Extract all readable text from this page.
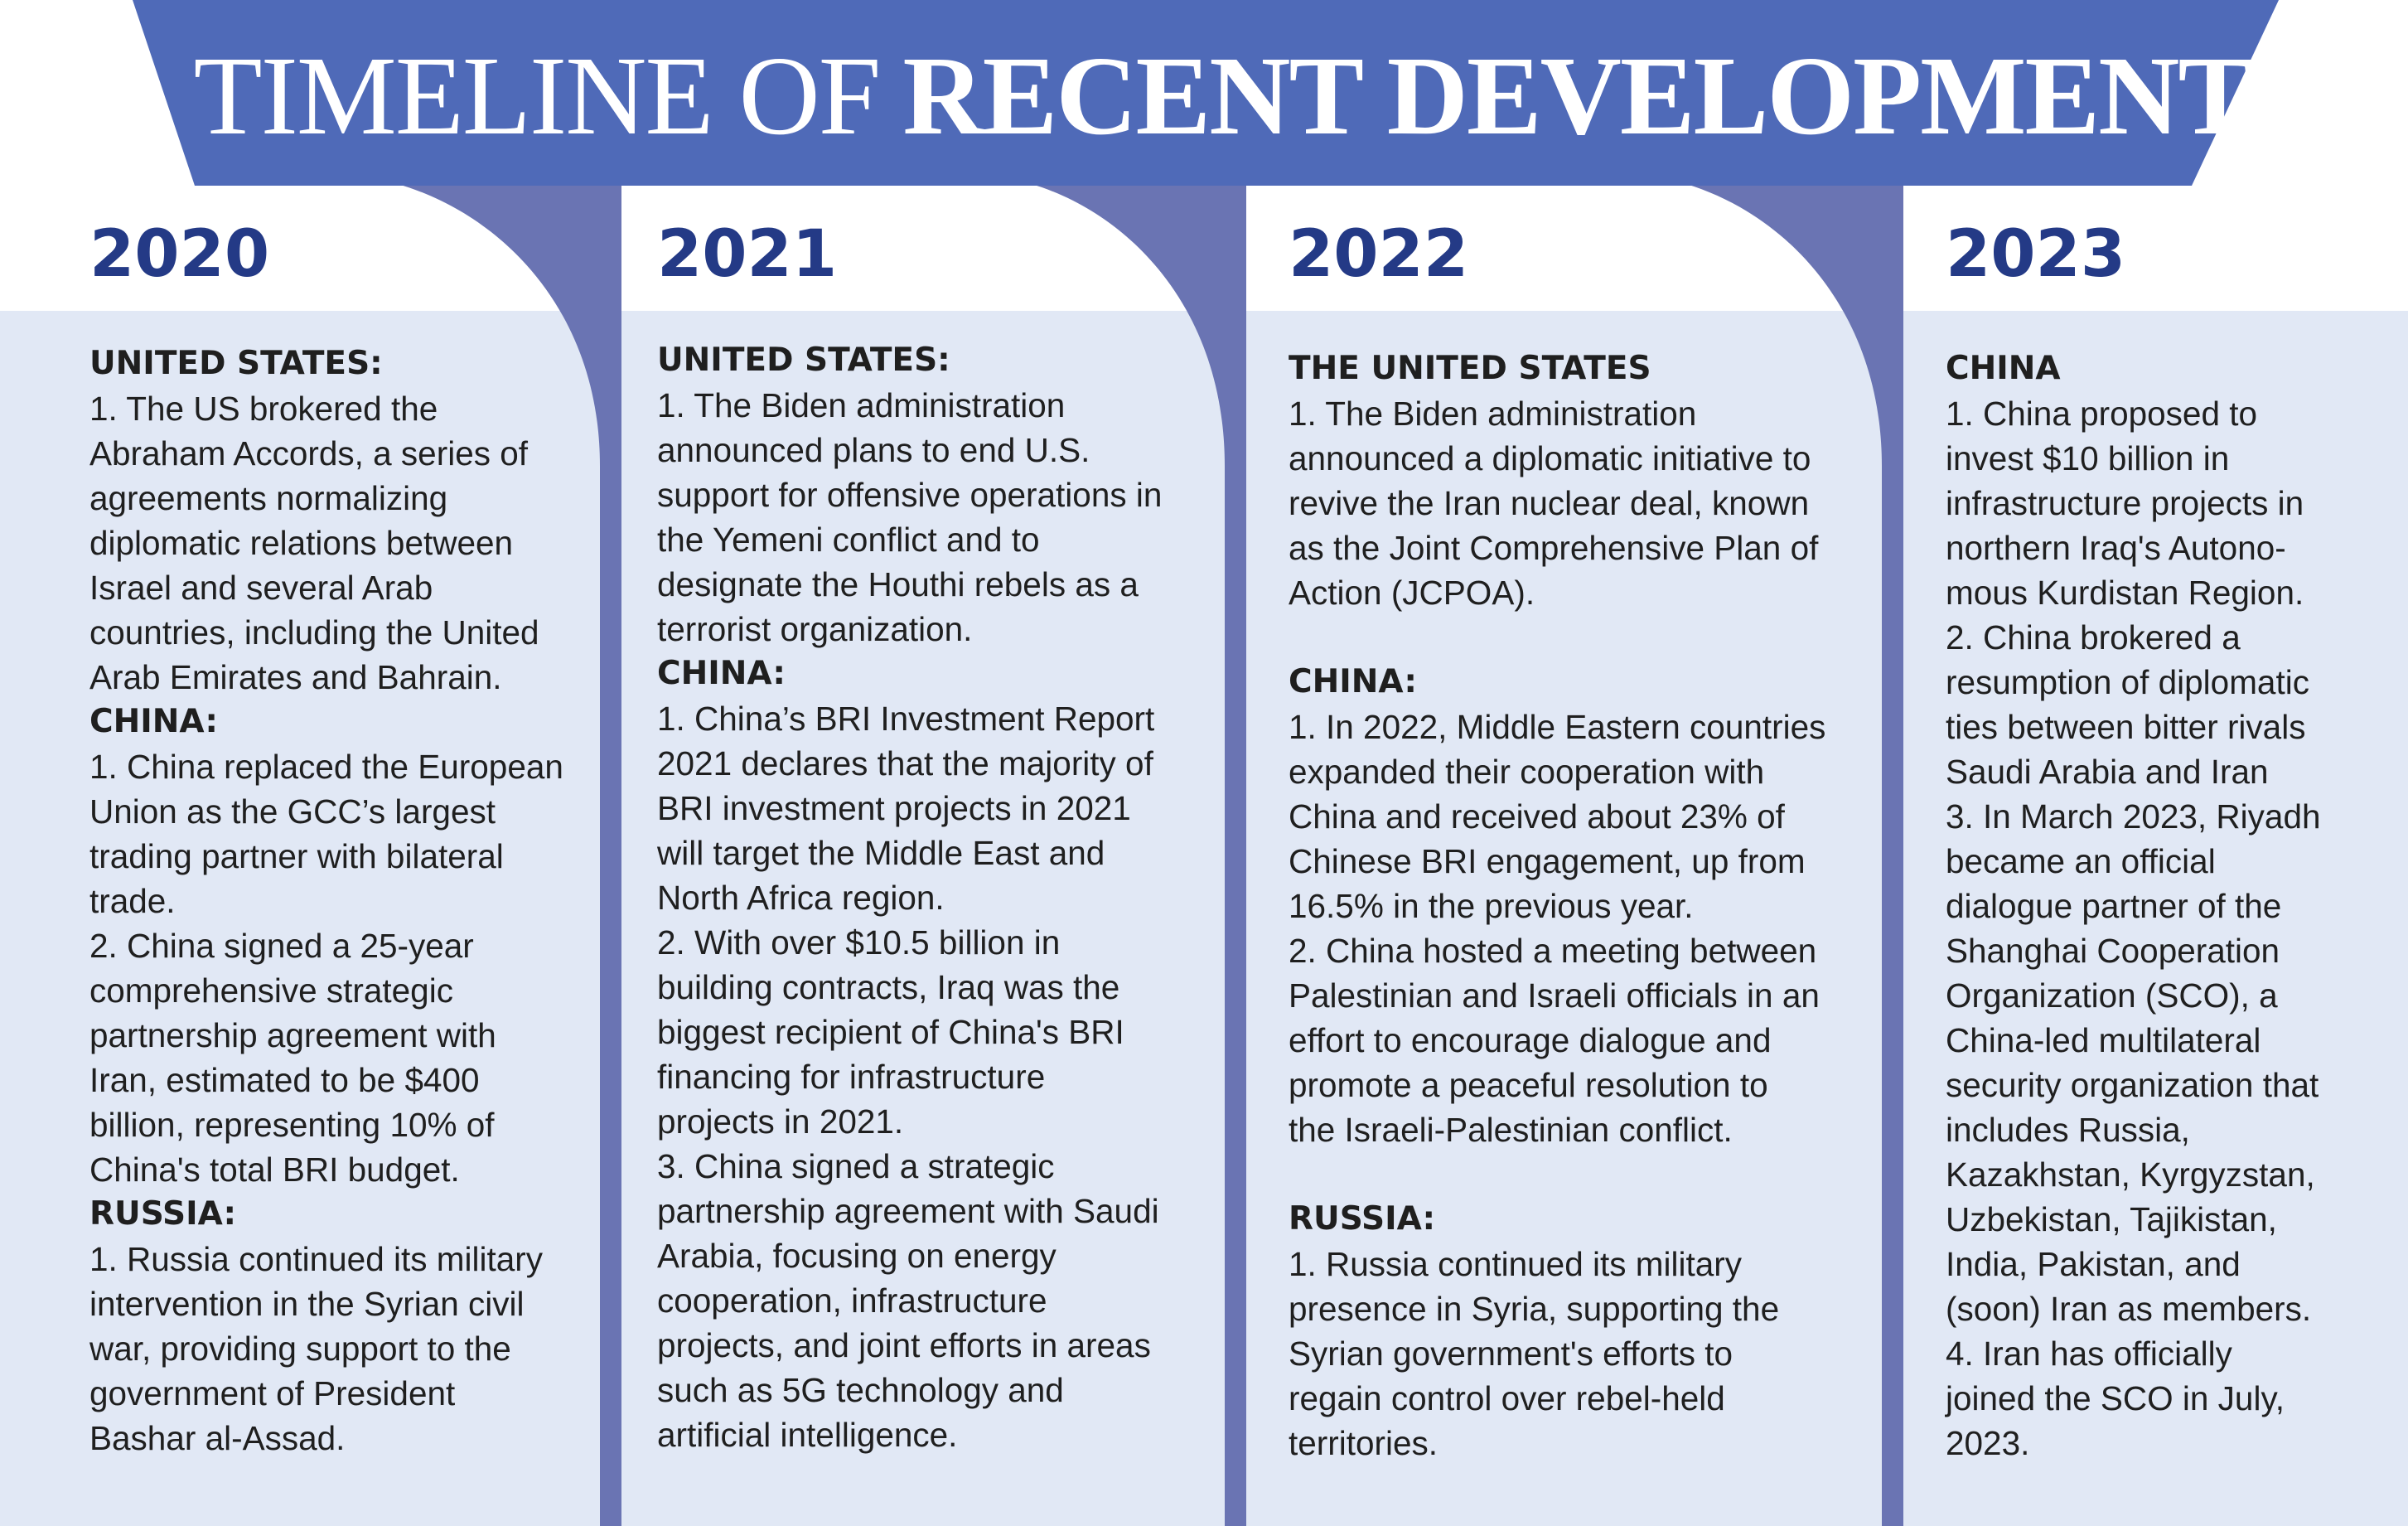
A TIMELINE OF RECENT DEVELOPMENTS
2020	2021	2022	2023
UNITED STATES:
1. The US brokered the
Abraham Accords, a series of
agreements normalizing
diplomatic relations between
Israel and several Arab
countries, including the United
Arab Emirates and Bahrain.
CHINA:
1. China replaced the European
Union as the GCC’s largest
trading partner with bilateral
trade.
2. China signed a 25-year
comprehensive strategic
partnership agreement with
Iran, estimated to be $400
billion, representing 10% of
China's total BRI budget.
RUSSIA:
1. Russia continued its military
intervention in the Syrian civil
war, providing support to the
government of President
Bashar al-Assad.
UNITED STATES:
1. The Biden administration
announced plans to end U.S.
support for offensive operations in
the Yemeni conflict and to
designate the Houthi rebels as a
terrorist organization.
CHINA:
1. China’s BRI Investment Report
2021 declares that the majority of
BRI investment projects in 2021
will target the Middle East and
North Africa region.
2. With over $10.5 billion in
building contracts, Iraq was the
biggest recipient of China's BRI
financing for infrastructure
projects in 2021.
3. China signed a strategic
partnership agreement with Saudi
Arabia, focusing on energy
cooperation, infrastructure
projects, and joint efforts in areas
such as 5G technology and
artificial intelligence.
THE UNITED STATES
1. The Biden administration
announced a diplomatic initiative to
revive the Iran nuclear deal, known
as the Joint Comprehensive Plan of
Action (JCPOA).
CHINA:
1. In 2022, Middle Eastern countries
expanded their cooperation with
China and received about 23% of
Chinese BRI engagement, up from
16.5% in the previous year.
2. China hosted a meeting between
Palestinian and Israeli officials in an
effort to encourage dialogue and
promote a peaceful resolution to
the Israeli-Palestinian conflict.
RUSSIA:
1. Russia continued its military
presence in Syria, supporting the
Syrian government's efforts to
regain control over rebel-held
territories.
CHINA
1. China proposed to
invest $10 billion in
infrastructure projects in
northern Iraq's Autono-
mous Kurdistan Region.
2. China brokered a
resumption of diplomatic
ties between bitter rivals
Saudi Arabia and Iran
3. In March 2023, Riyadh
became an official
dialogue partner of the
Shanghai Cooperation
Organization (SCO), a
China-led multilateral
security organization that
includes Russia,
Kazakhstan, Kyrgyzstan,
Uzbekistan, Tajikistan,
India, Pakistan, and
(soon) Iran as members.
4. Iran has officially
joined the SCO in July,
2023.
